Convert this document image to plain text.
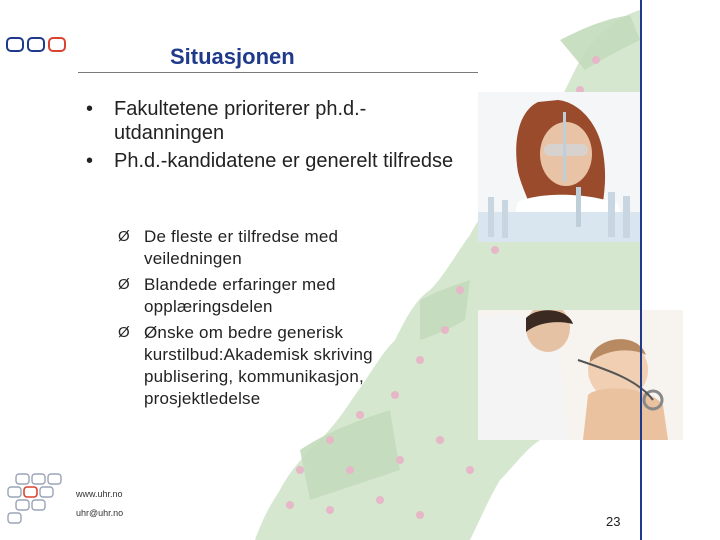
Situasjonen
• Fakultetene prioriterer ph.d.-utdanningen
• Ph.d.-kandidatene er generelt tilfredse
Ø De fleste er tilfredse med veiledningen
Ø Blandede erfaringer med opplæringsdelen
Ø Ønske om bedre generisk kurstilbud:Akademisk skriving publisering, kommunikasjon, prosjektledelse
www.uhr.no
uhr@uhr.no
23
